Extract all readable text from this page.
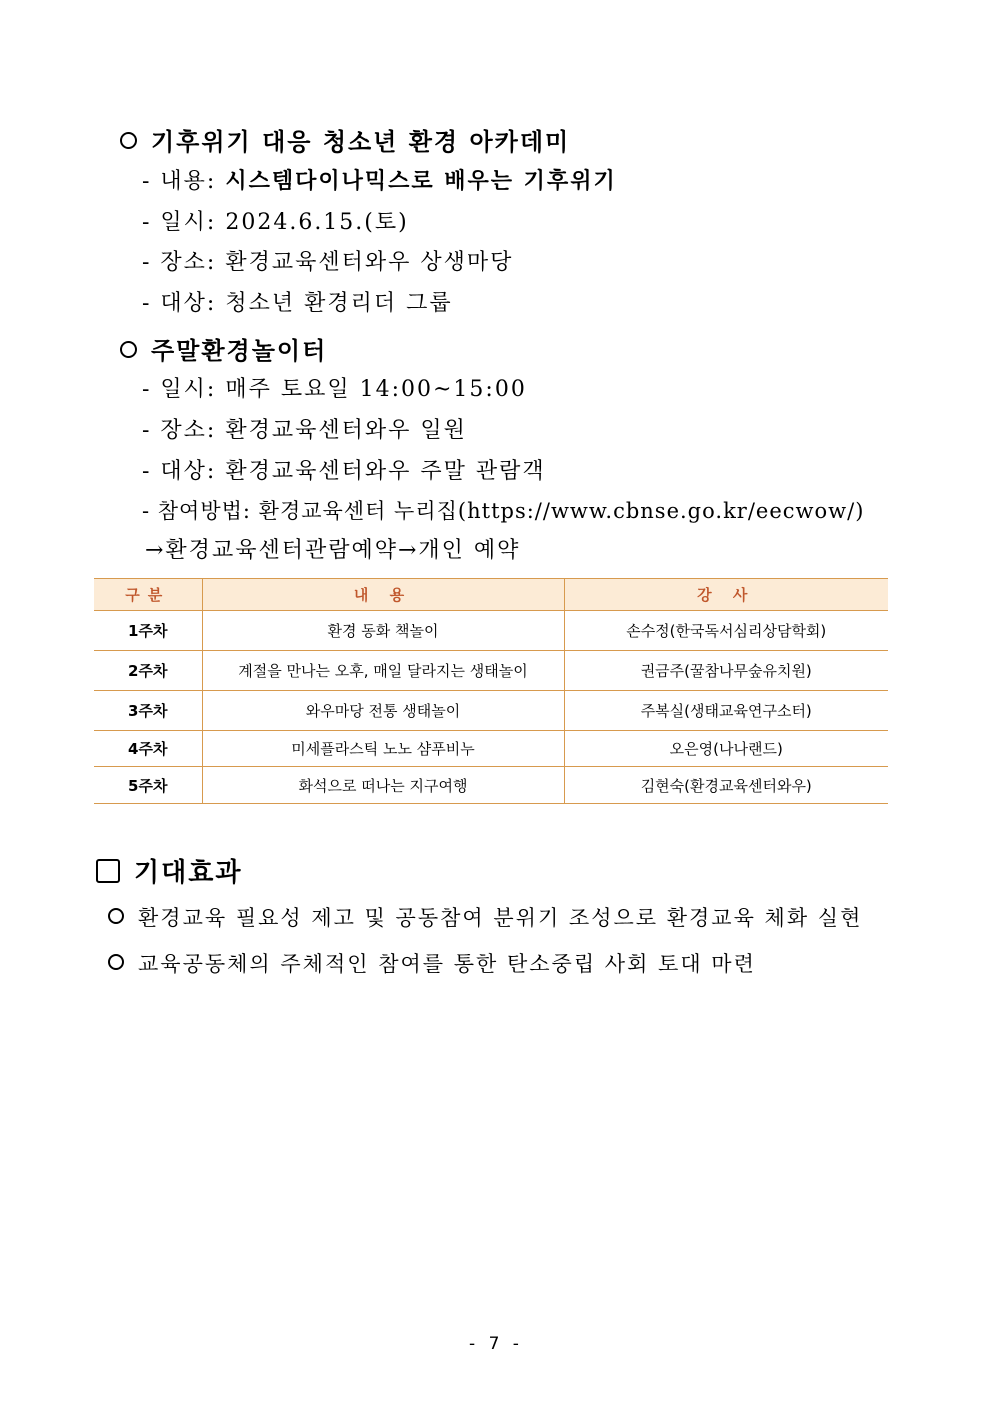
기후위기 대응 청소년 환경 아카데미
- 내용: 시스템다이나믹스로 배우는 기후위기
- 일시: 2024.6.15.(토)
- 장소: 환경교육센터와우 상생마당
- 대상: 청소년 환경리더 그룹
주말환경놀이터
- 일시: 매주 토요일 14:00~15:00
- 장소: 환경교육센터와우 일원
- 대상: 환경교육센터와우 주말 관람객
- 참여방법: 환경교육센터 누리집(https://www.cbnse.go.kr/eecwow/)
→환경교육센터관람예약→개인 예약
구분	내 용	강 사
1주차	환경 동화 책놀이	손수정(한국독서심리상담학회)
2주차	계절을 만나는 오후, 매일 달라지는 생태놀이	권금주(꿀참나무숲유치원)
3주차	와우마당 전통 생태놀이	주복실(생태교육연구소터)
4주차	미세플라스틱 노노 샴푸비누	오은영(나나랜드)
5주차	화석으로 떠나는 지구여행	김현숙(환경교육센터와우)
기대효과
환경교육 필요성 제고 및 공동참여 분위기 조성으로 환경교육 체화 실현
교육공동체의 주체적인 참여를 통한 탄소중립 사회 토대 마련
- 7 -
